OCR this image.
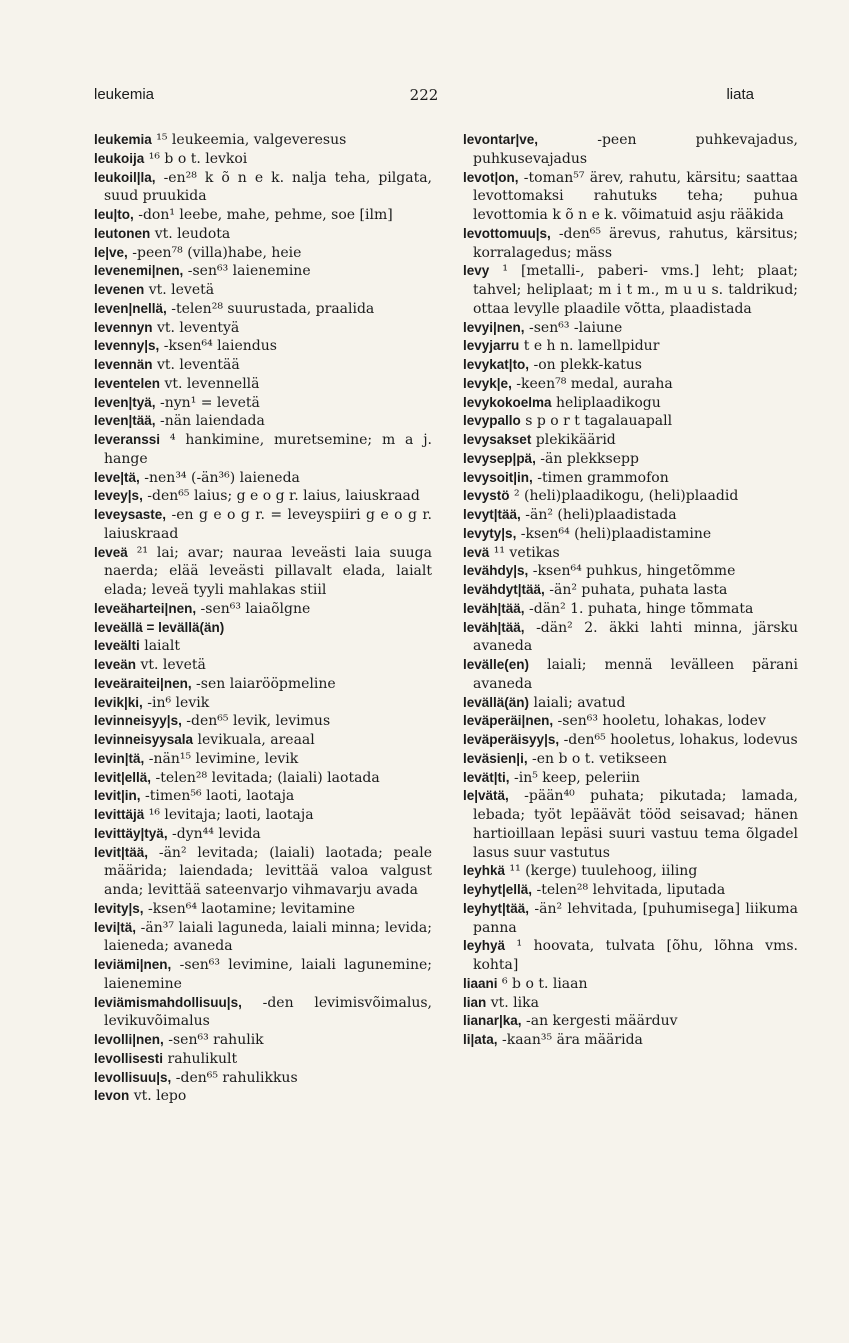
leukemia	222	liata

leukemia ¹⁵ leukeemia, valgeveresus

leukoija ¹⁶ b o t. levkoi

leukoil|la, -en²⁸ k õ n e k. nalja teha, pilgata, suud pruukida

leu|to, -don¹ leebe, mahe, pehme, soe [ilm]

leutonen vt. leudota

le|ve, -peen⁷⁸ (villa)habe, heie

levenemi|nen, -sen⁶³ laienemine

levenen vt. levetä

leven|nellä, -telen²⁸ suurustada, praalida

levennyn vt. leventyä

levenny|s, -ksen⁶⁴ laiendus

levennän vt. leventää

leventelen vt. levennellä

leven|tyä, -nyn¹ = levetä

leven|tää, -nän laiendada

leveranssi ⁴ hankimine, muretsemine; m a j. hange

leve|tä, -nen³⁴ (-än³⁶) laieneda

levey|s, -den⁶⁵ laius; g e o g r. laius, laiuskraad

leveysaste, -en g e o g r. = leveyspiiri g e o g r. laiuskraad

leveä ²¹ lai; avar; nauraa leveästi laia suuga naerda; elää leveästi pillavalt elada, laialt elada; leveä tyyli mahlakas stiil

leveähartei|nen, -sen⁶³ laiaõlgne

leveällä = levällä(än)

leveälti laialt

leveän vt. levetä

leveäraitei|nen, -sen laiarööpmeline

levik|ki, -in⁶ levik

levinneisyy|s, -den⁶⁵ levik, levimus

levinneisyysala levikuala, areaal

levin|tä, -nän¹⁵ levimine, levik

levit|ellä, -telen²⁸ levitada; (laiali) laotada

levit|in, -timen⁵⁶ laoti, laotaja

levittäjä ¹⁶ levitaja; laoti, laotaja

levittäy|tyä, -dyn⁴⁴ levida

levit|tää, -än² levitada; (laiali) laotada; peale määrida; laiendada; levittää valoa valgust anda; levittää sateenvarjo vihmavarju avada

levity|s, -ksen⁶⁴ laotamine; levitamine

levi|tä, -än³⁷ laiali laguneda, laiali minna; levida; laieneda; avaneda

leviämi|nen, -sen⁶³ levimine, laiali lagunemine; laienemine

leviämismahdollisuu|s, -den levimisvõimalus, levikuvõimalus

levolli|nen, -sen⁶³ rahulik

levollisesti rahulikult

levollisuu|s, -den⁶⁵ rahulikkus

levon vt. lepo

levontar|ve,	-peen puhkevajadus, puhkusevajadus

levot|on, -toman⁵⁷ ärev, rahutu, kärsitu; saattaa levottomaksi rahutuks teha; puhua levottomia k õ n e k. võimatuid asju rääkida

levottomuu|s, -den⁶⁵ ärevus, rahutus, kärsitus; korralagedus; mäss

levy ¹ [metalli-, paberi- vms.] leht; plaat; tahvel; heliplaat; m i t m., m u u s. taldrikud; ottaa levylle plaadile võtta, plaadistada

levyi|nen, -sen⁶³ -laiune

levyjarru t e h n. lamellpidur

levykat|to, -on plekk-katus

levyk|e, -keen⁷⁸ medal, auraha

levykokoelma heliplaadikogu

levypallo s p o r t tagalauapall

levysakset plekikäärid

levysep|pä, -än plekksepp

levysoit|in, -timen grammofon

levystö ² (heli)plaadikogu, (heli)plaadid

levyt|tää, -än² (heli)plaadistada

levyty|s, -ksen⁶⁴ (heli)plaadistamine

levä ¹¹ vetikas

levähdy|s, -ksen⁶⁴ puhkus, hingetõmme

levähdyt|tää, -än² puhata, puhata lasta

leväh|tää, -dän² 1. puhata, hinge tõmmata

leväh|tää, -dän² 2. äkki lahti minna, järsku avaneda

levälle(en) laiali; mennä levälleen pärani avaneda

levällä(än) laiali; avatud

leväperäi|nen, -sen⁶³ hooletu, lohakas, lodev

leväperäisyy|s, -den⁶⁵ hooletus, lohakus, lodevus

leväsien|i, -en b o t. vetikseen

levät|ti, -in⁵ keep, peleriin

le|vätä, -pään⁴⁰ puhata; pikutada; lamada, lebada; työt lepäävät tööd seisavad; hänen hartioillaan lepäsi suuri vastuu tema õlgadel lasus suur vastutus

leyhkä ¹¹ (kerge) tuulehoog, iiling

leyhyt|ellä, -telen²⁸ lehvitada, liputada

leyhyt|tää, -än² lehvitada, [puhumisega] liikuma panna

leyhyä ¹ hoovata, tulvata [õhu, lõhna vms. kohta]

liaani ⁶ b o t. liaan

lian vt. lika

lianar|ka, -an kergesti määrduv

li|ata, -kaan³⁵ ära määrida
